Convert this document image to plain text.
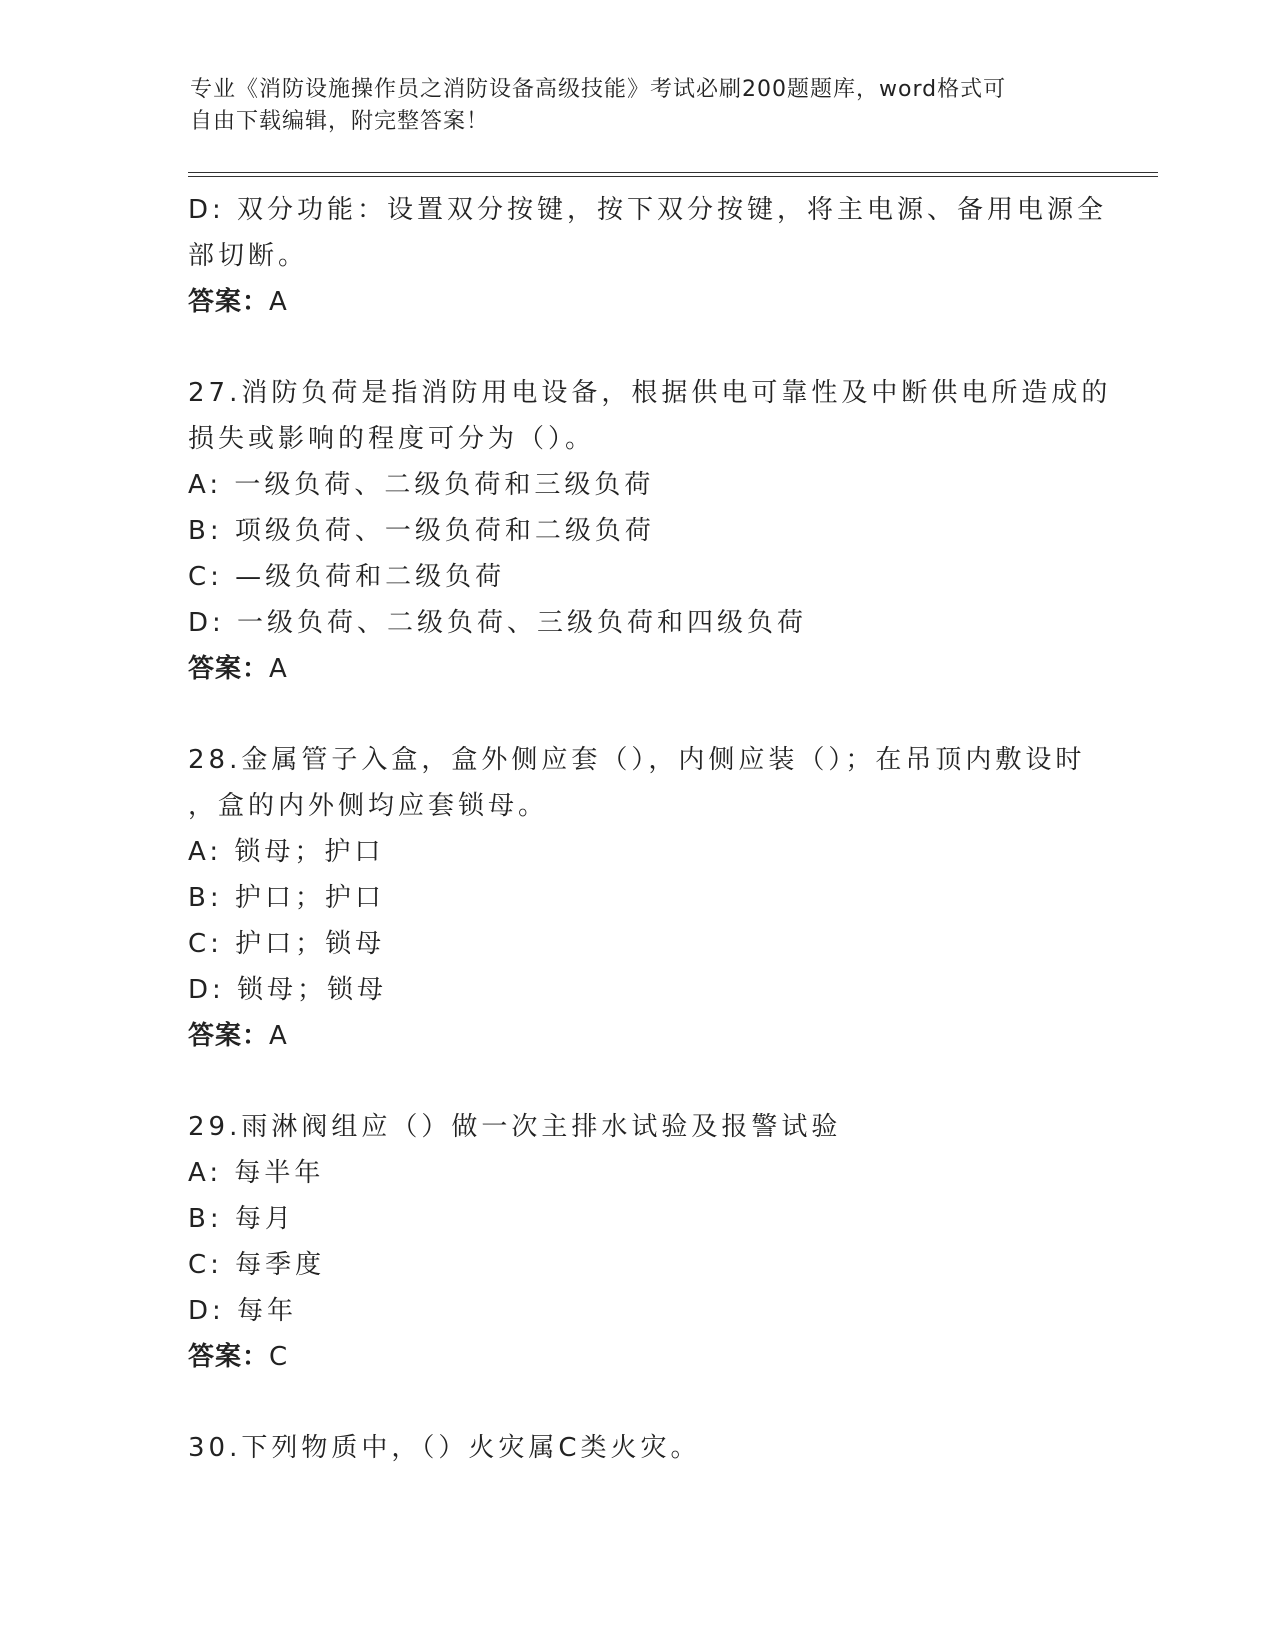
专业《消防设施操作员之消防设备高级技能》考试必刷200题题库，word格式可
自由下载编辑，附完整答案！
D: 双分功能：设置双分按键，按下双分按键，将主电源、备用电源全
部切断。
答案：A
27.消防负荷是指消防用电设备，根据供电可靠性及中断供电所造成的
损失或影响的程度可分为（）。
A: 一级负荷、二级负荷和三级负荷
B: 项级负荷、一级负荷和二级负荷
C: —级负荷和二级负荷
D: 一级负荷、二级负荷、三级负荷和四级负荷
答案：A
28.金属管子入盒，盒外侧应套（），内侧应装（）；在吊顶内敷设时
，盒的内外侧均应套锁母。
A: 锁母；护口
B: 护口；护口
C: 护口；锁母
D: 锁母；锁母
答案：A
29.雨淋阀组应（）做一次主排水试验及报警试验
A: 每半年
B: 每月
C: 每季度
D: 每年
答案：C
30.下列物质中，（）火灾属C类火灾。
